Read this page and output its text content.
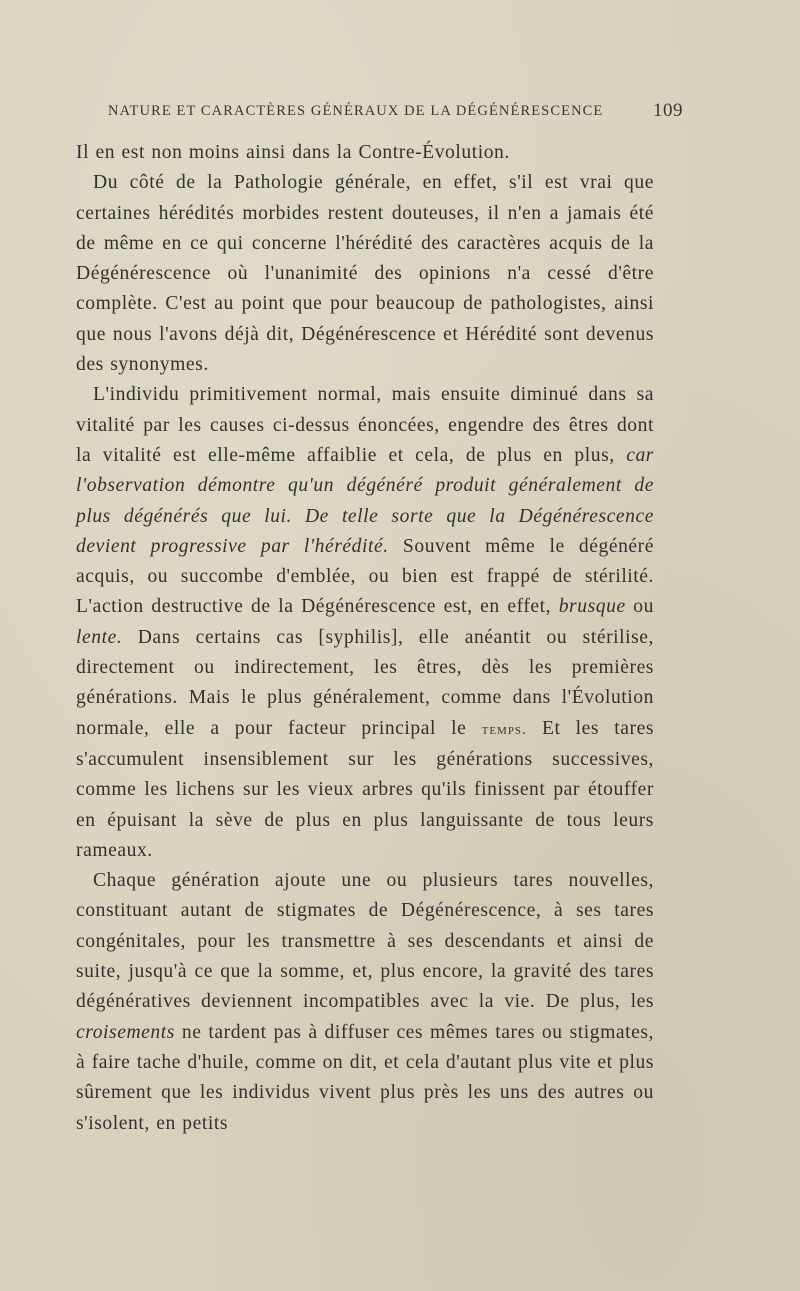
NATURE ET CARACTÈRES GÉNÉRAUX DE LA DÉGÉNÉRESCENCE	109

Il en est non moins ainsi dans la Contre-Évolution.

Du côté de la Pathologie générale, en effet, s'il est vrai que certaines hérédités morbides restent douteuses, il n'en a jamais été de même en ce qui concerne l'hérédité des caractères acquis de la Dégénérescence où l'unanimité des opinions n'a cessé d'être complète. C'est au point que pour beaucoup de pathologistes, ainsi que nous l'avons déjà dit, Dégénérescence et Hérédité sont devenus des synonymes.

L'individu primitivement normal, mais ensuite diminué dans sa vitalité par les causes ci-dessus énoncées, engendre des êtres dont la vitalité est elle-même affaiblie et cela, de plus en plus, car l'observation démontre qu'un dégénéré produit généralement de plus dégénérés que lui. De telle sorte que la Dégénérescence devient progressive par l'hérédité. Souvent même le dégénéré acquis, ou succombe d'emblée, ou bien est frappé de stérilité. L'action destructive de la Dégénérescence est, en effet, brusque ou lente. Dans certains cas [syphilis], elle anéantit ou stérilise, directement ou indirectement, les êtres, dès les premières générations. Mais le plus généralement, comme dans l'Évolution normale, elle a pour facteur principal le temps. Et les tares s'accumulent insensiblement sur les générations successives, comme les lichens sur les vieux arbres qu'ils finissent par étouffer en épuisant la sève de plus en plus languissante de tous leurs rameaux.

Chaque génération ajoute une ou plusieurs tares nouvelles, constituant autant de stigmates de Dégénérescence, à ses tares congénitales, pour les transmettre à ses descendants et ainsi de suite, jusqu'à ce que la somme, et, plus encore, la gravité des tares dégénératives deviennent incompatibles avec la vie. De plus, les croisements ne tardent pas à diffuser ces mêmes tares ou stigmates, à faire tache d'huile, comme on dit, et cela d'autant plus vite et plus sûrement que les individus vivent plus près les uns des autres ou s'isolent, en petits
